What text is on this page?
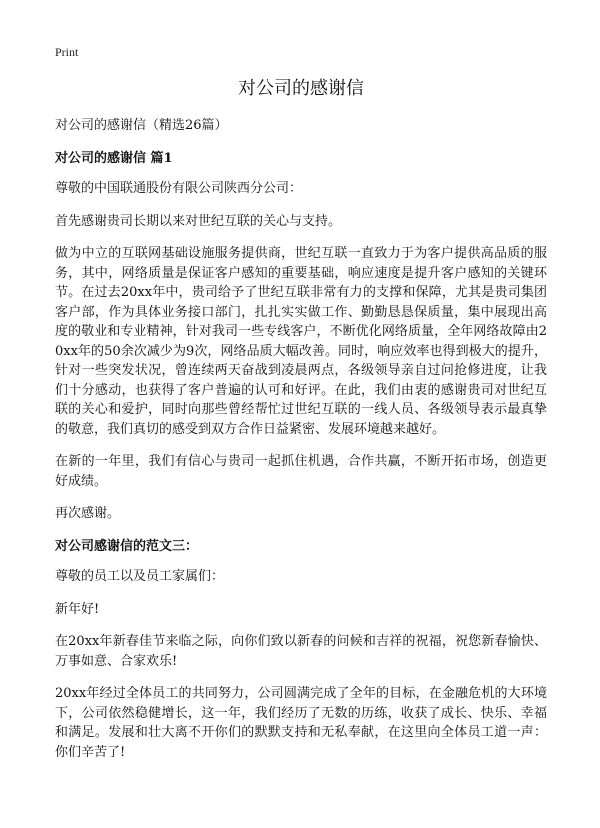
Print
对公司的感谢信

对公司的感谢信（精选26篇）

对公司的感谢信 篇1

尊敬的中国联通股份有限公司陕西分公司：

首先感谢贵司长期以来对世纪互联的关心与支持。

做为中立的互联网基础设施服务提供商，世纪互联一直致力于为客户提供高品质的服务，其中，网络质量是保证客户感知的重要基础，响应速度是提升客户感知的关键环节。在过去20xx年中，贵司给予了世纪互联非常有力的支撑和保障，尤其是贵司集团客户部，作为具体业务接口部门，扎扎实实做工作、勤勤恳恳保质量，集中展现出高度的敬业和专业精神，针对我司一些专线客户，不断优化网络质量，全年网络故障由20xx年的50余次减少为9次，网络品质大幅改善。同时，响应效率也得到极大的提升，针对一些突发状况，曾连续两天奋战到凌晨两点，各级领导亲自过问抢修进度，让我们十分感动，也获得了客户普遍的认可和好评。在此，我们由衷的感谢贵司对世纪互联的关心和爱护，同时向那些曾经帮忙过世纪互联的一线人员、各级领导表示最真挚的敬意，我们真切的感受到双方合作日益紧密、发展环境越来越好。

在新的一年里，我们有信心与贵司一起抓住机遇，合作共赢，不断开拓市场，创造更好成绩。

再次感谢。

对公司感谢信的范文三：

尊敬的员工以及员工家属们：

新年好!

在20xx年新春佳节来临之际，向你们致以新春的问候和吉祥的祝福，祝您新春愉快、万事如意、合家欢乐!

20xx年经过全体员工的共同努力，公司圆满完成了全年的目标，在金融危机的大环境下，公司依然稳健增长，这一年，我们经历了无数的历练，收获了成长、快乐、幸福和满足。发展和壮大离不开你们的默默支持和无私奉献，在这里向全体员工道一声：你们辛苦了!
